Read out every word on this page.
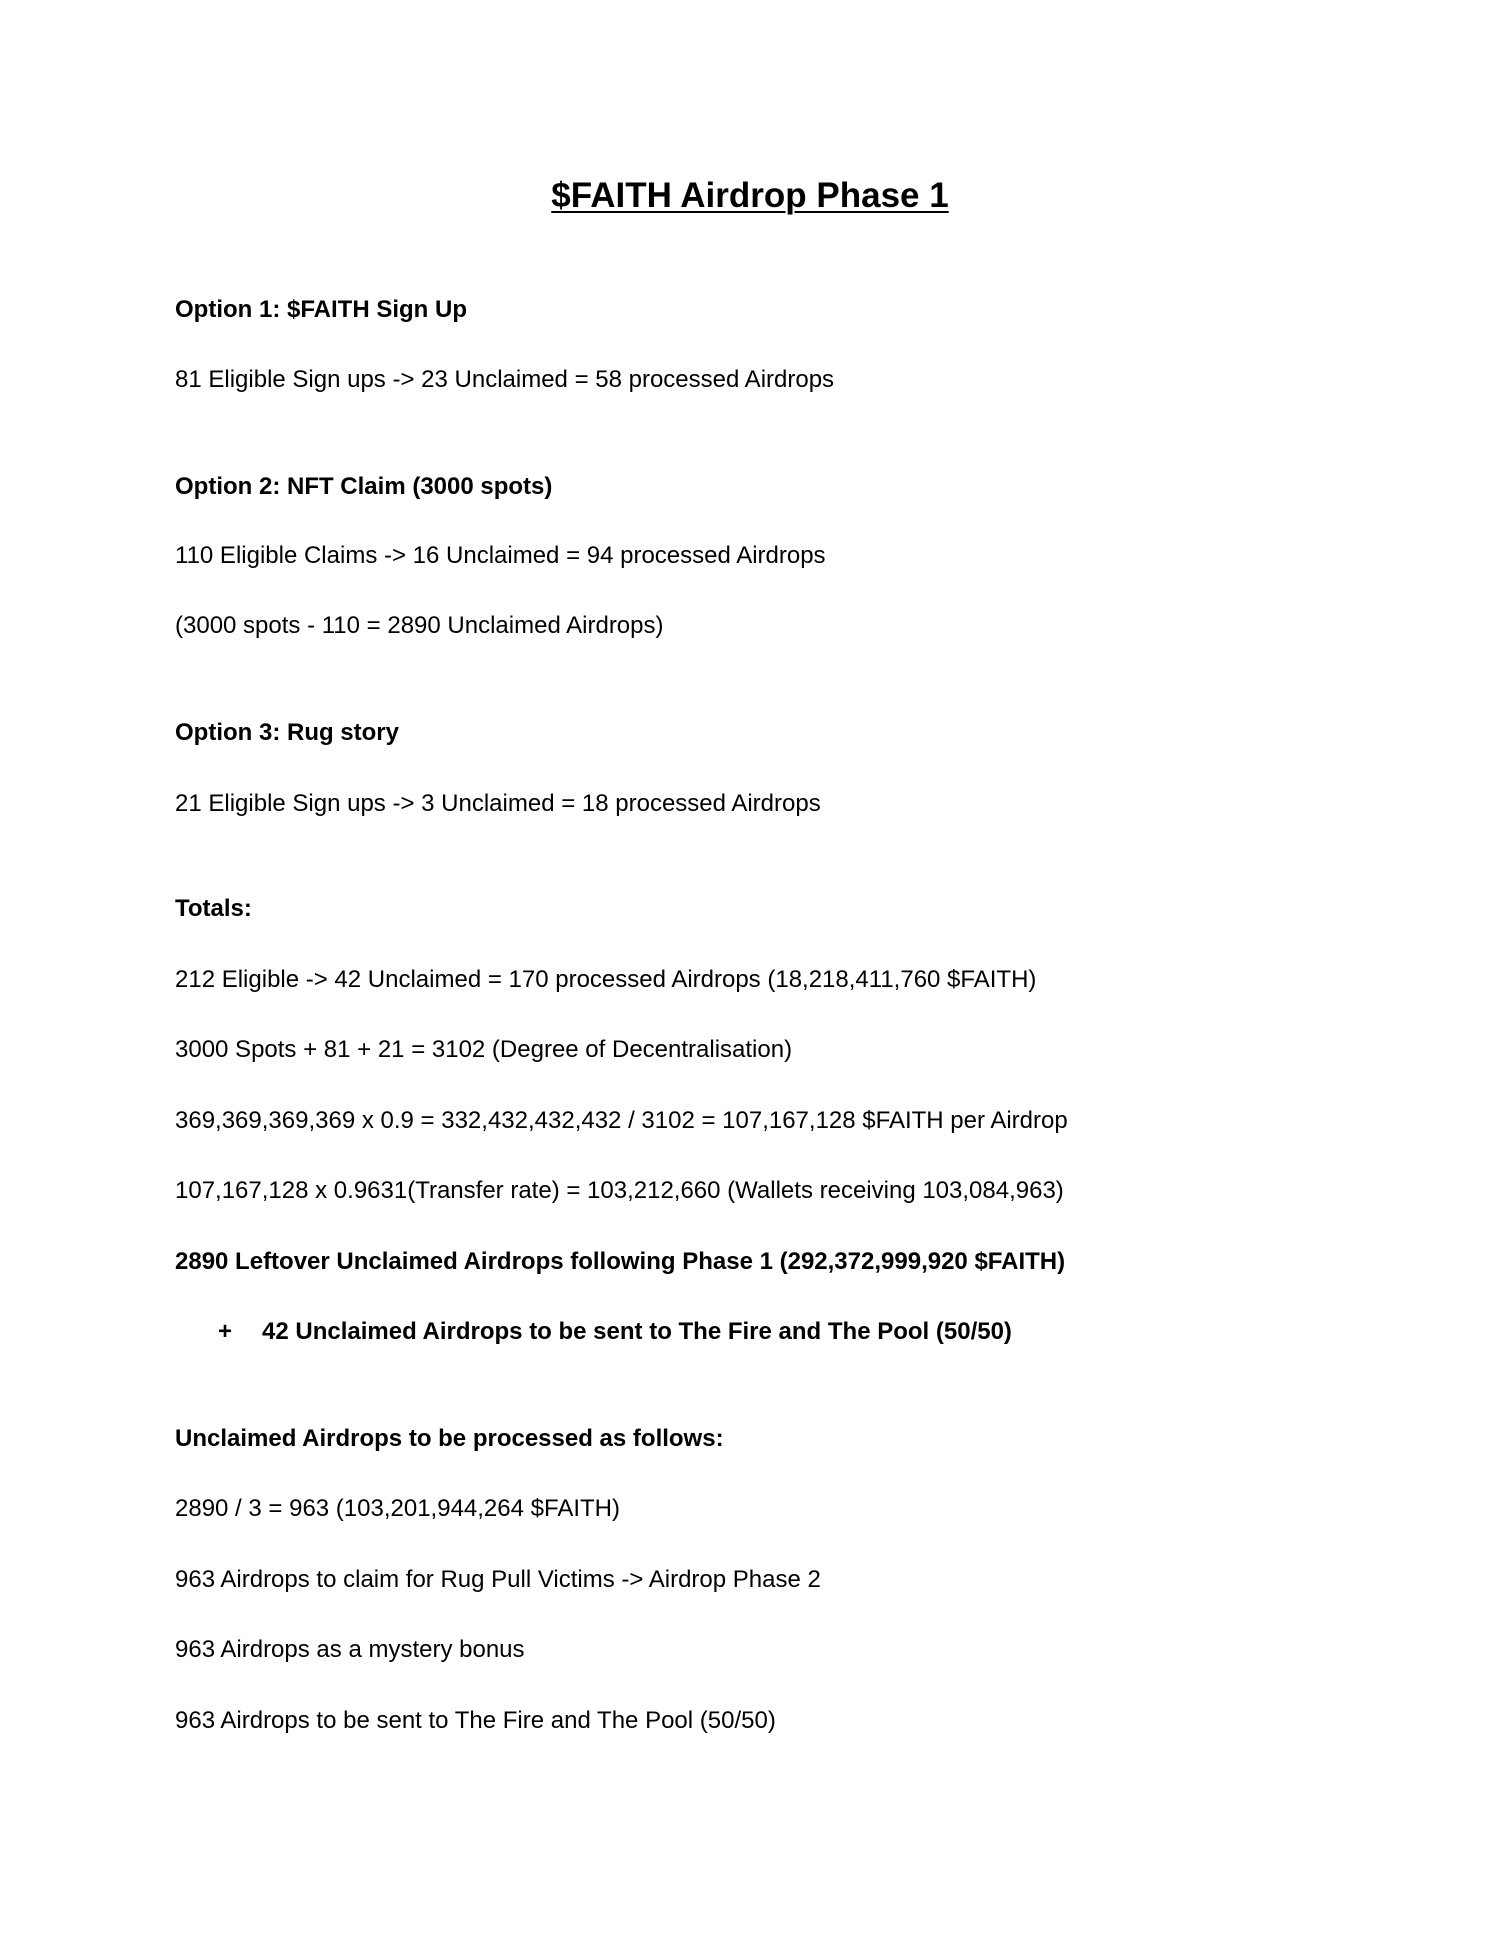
$FAITH Airdrop Phase 1
Option 1: $FAITH Sign Up
81 Eligible Sign ups -> 23 Unclaimed = 58 processed Airdrops
Option 2: NFT Claim (3000 spots)
110 Eligible Claims -> 16 Unclaimed = 94 processed Airdrops
(3000 spots - 110 = 2890 Unclaimed Airdrops)
Option 3: Rug story
21 Eligible Sign ups -> 3 Unclaimed = 18 processed Airdrops
Totals:
212 Eligible -> 42 Unclaimed = 170 processed Airdrops (18,218,411,760 $FAITH)
3000 Spots + 81 + 21 = 3102 (Degree of Decentralisation)
369,369,369,369 x 0.9 = 332,432,432,432 / 3102 = 107,167,128 $FAITH per Airdrop
107,167,128 x 0.9631(Transfer rate) = 103,212,660 (Wallets receiving 103,084,963)
2890 Leftover Unclaimed Airdrops following Phase 1 (292,372,999,920 $FAITH)
+ 42 Unclaimed Airdrops to be sent to The Fire and The Pool (50/50)
Unclaimed Airdrops to be processed as follows:
2890 / 3 = 963 (103,201,944,264 $FAITH)
963 Airdrops to claim for Rug Pull Victims -> Airdrop Phase 2
963 Airdrops as a mystery bonus
963 Airdrops to be sent to The Fire and The Pool (50/50)
